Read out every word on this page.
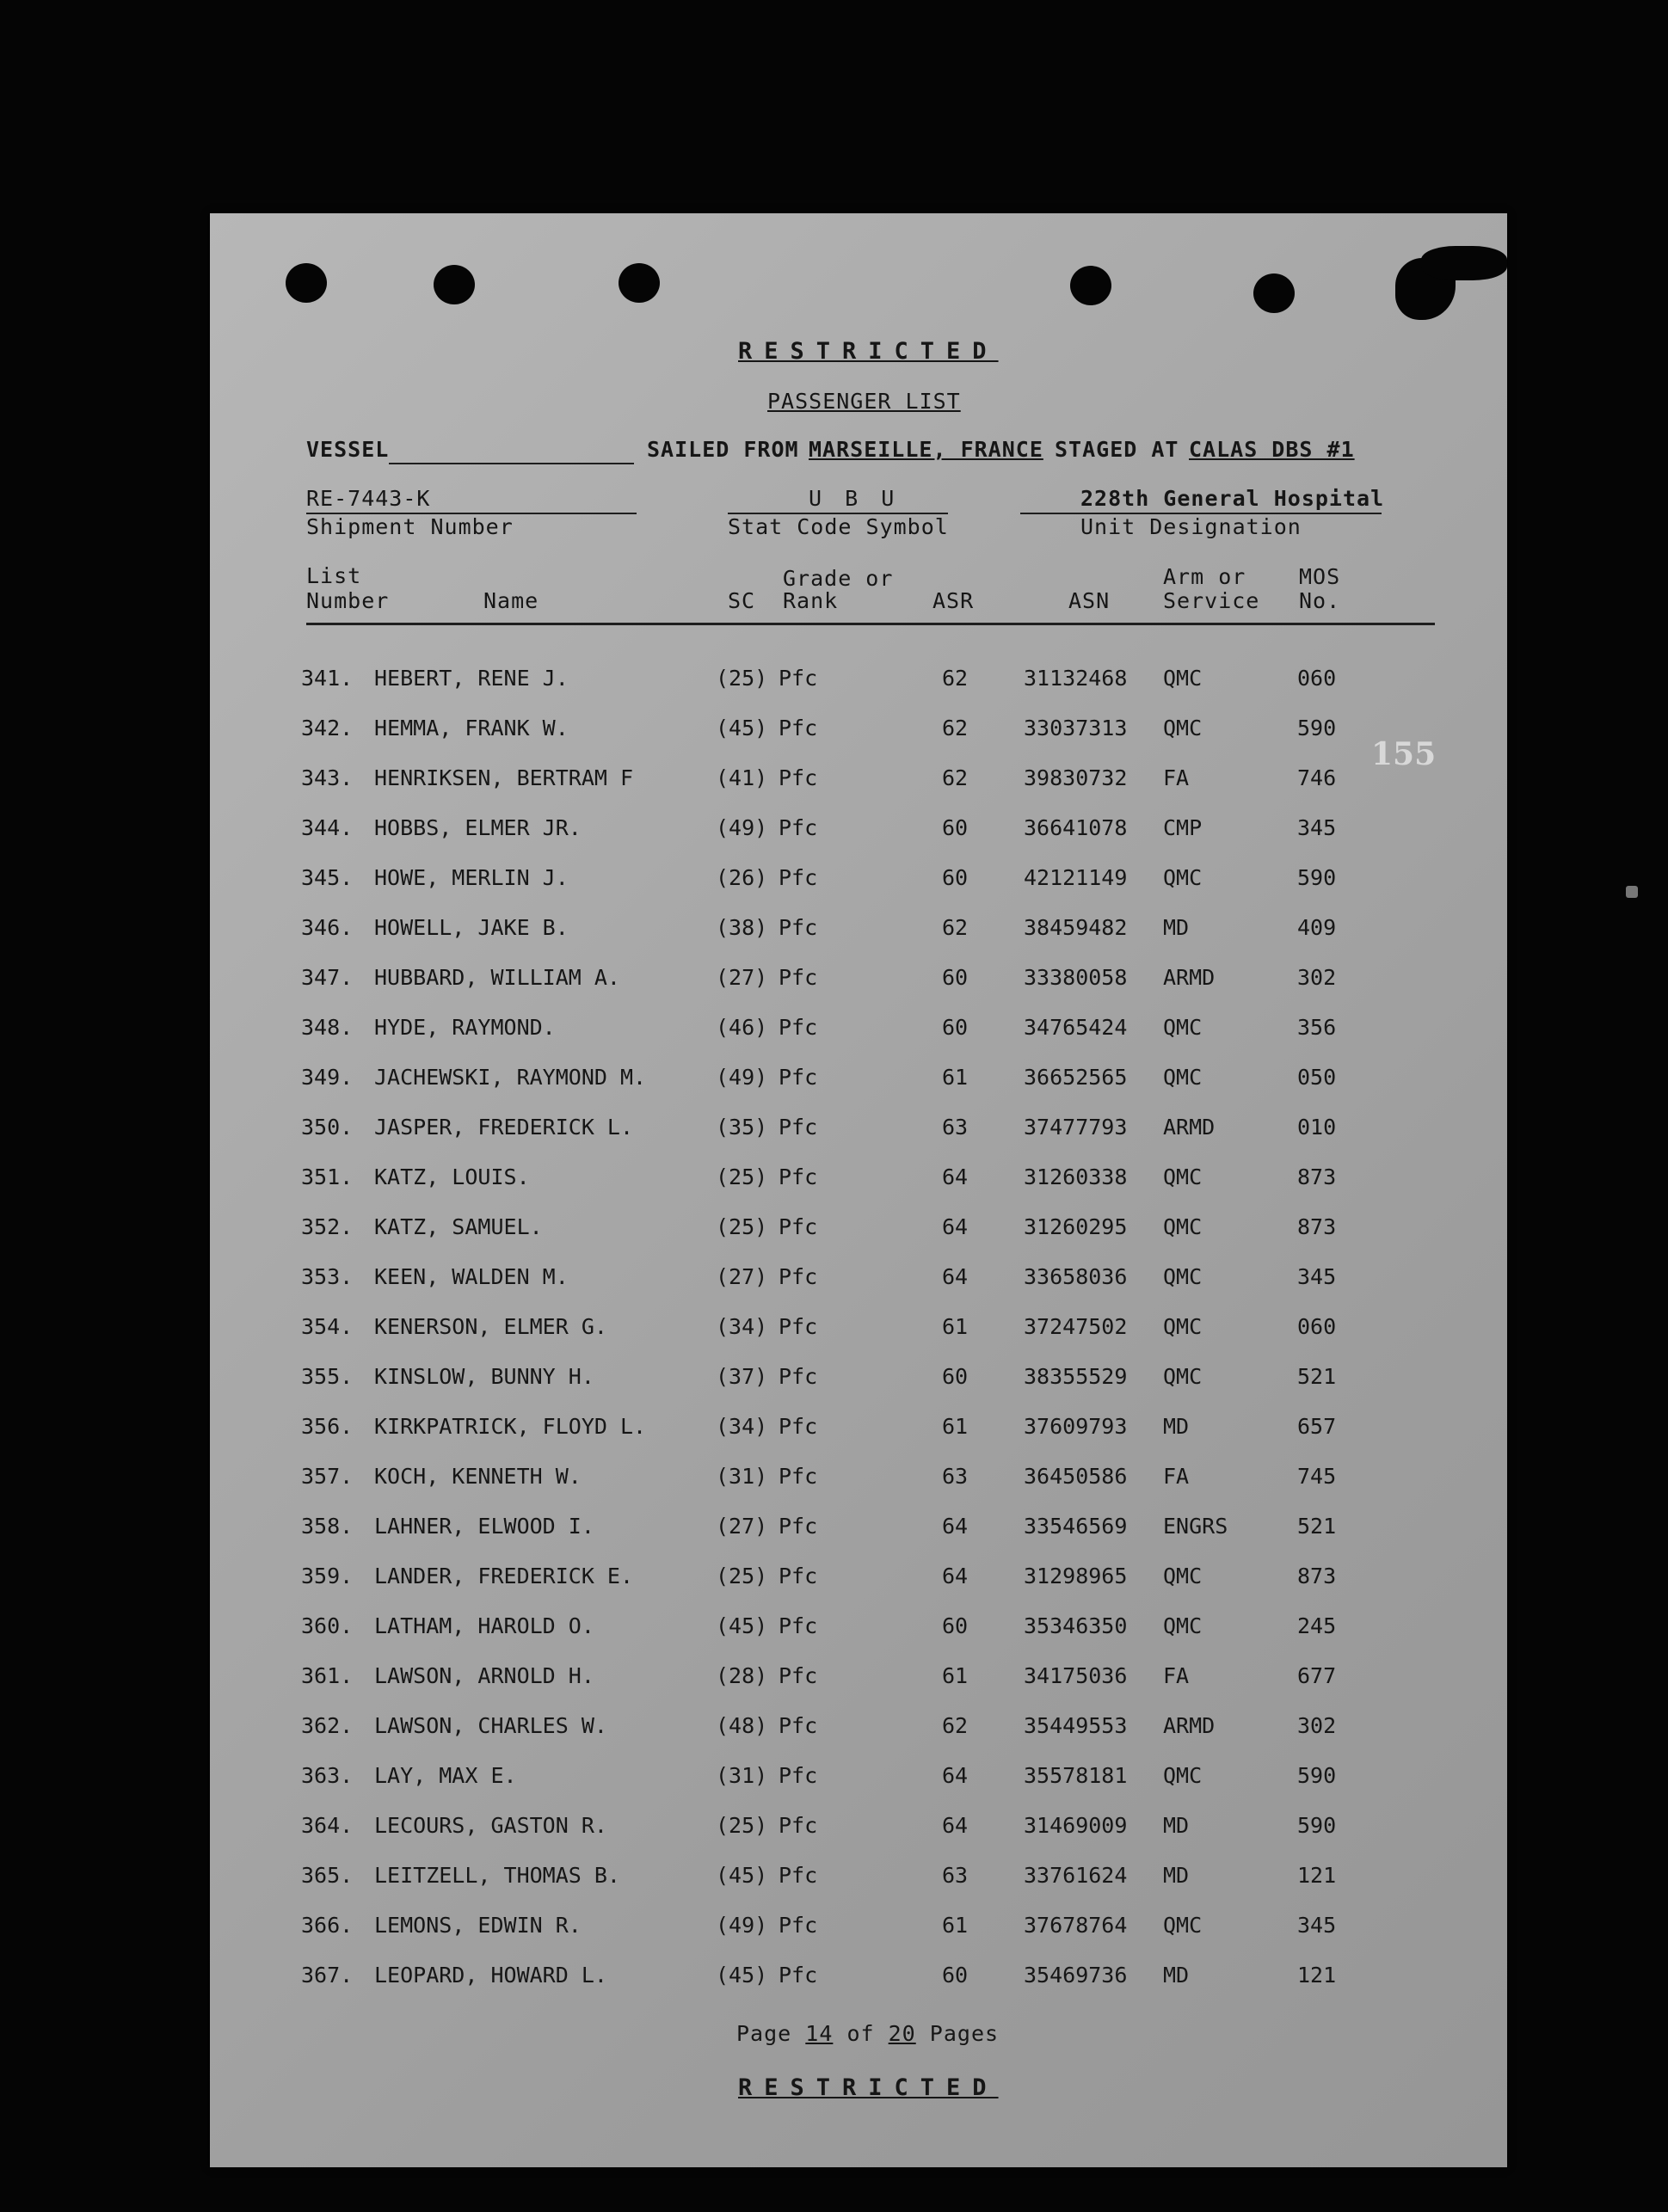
155
RESTRICTED
PASSENGER LIST
VESSEL	SAILED FROM MARSEILLE, FRANCE STAGED AT CALAS DBS #1
RE-7443-K
Shipment Number
U B U
Stat Code Symbol
228th General Hospital
Unit Designation
List
Number	Name	SC
Grade or
Rank	ASR	ASN
Arm or
Service
MOS
No.
341. HEBERT, RENE J.	(25) Pfc	62	31132468 QMC	060
342. HEMMA, FRANK W.	(45) Pfc	62	33037313 QMC	590
343. HENRIKSEN, BERTRAM F	(41) Pfc	62	39830732 FA	746
344. HOBBS, ELMER JR.	(49) Pfc	60	36641078 CMP	345
345. HOWE, MERLIN J.	(26) Pfc	60	42121149 QMC	590
346. HOWELL, JAKE B.	(38) Pfc	62	38459482 MD	409
347. HUBBARD, WILLIAM A.	(27) Pfc	60	33380058 ARMD	302
348. HYDE, RAYMOND.	(46) Pfc	60	34765424 QMC	356
349. JACHEWSKI, RAYMOND M.	(49) Pfc	61	36652565 QMC	050
350. JASPER, FREDERICK L.	(35) Pfc	63	37477793 ARMD	010
351. KATZ, LOUIS.	(25) Pfc	64	31260338 QMC	873
352. KATZ, SAMUEL.	(25) Pfc	64	31260295 QMC	873
353. KEEN, WALDEN M.	(27) Pfc	64	33658036 QMC	345
354. KENERSON, ELMER G.	(34) Pfc	61	37247502 QMC	060
355. KINSLOW, BUNNY H.	(37) Pfc	60	38355529 QMC	521
356. KIRKPATRICK, FLOYD L.	(34) Pfc	61	37609793 MD	657
357. KOCH, KENNETH W.	(31) Pfc	63	36450586 FA	745
358. LAHNER, ELWOOD I.	(27) Pfc	64	33546569 ENGRS	521
359. LANDER, FREDERICK E.	(25) Pfc	64	31298965 QMC	873
360. LATHAM, HAROLD O.	(45) Pfc	60	35346350 QMC	245
361. LAWSON, ARNOLD H.	(28) Pfc	61	34175036 FA	677
362. LAWSON, CHARLES W.	(48) Pfc	62	35449553 ARMD	302
363. LAY, MAX E.	(31) Pfc	64	35578181 QMC	590
364. LECOURS, GASTON R.	(25) Pfc	64	31469009 MD	590
365. LEITZELL, THOMAS B.	(45) Pfc	63	33761624 MD	121
366. LEMONS, EDWIN R.	(49) Pfc	61	37678764 QMC	345
367. LEOPARD, HOWARD L.	(45) Pfc	60	35469736 MD	121
Page 14 of 20 Pages
RESTRICTED
